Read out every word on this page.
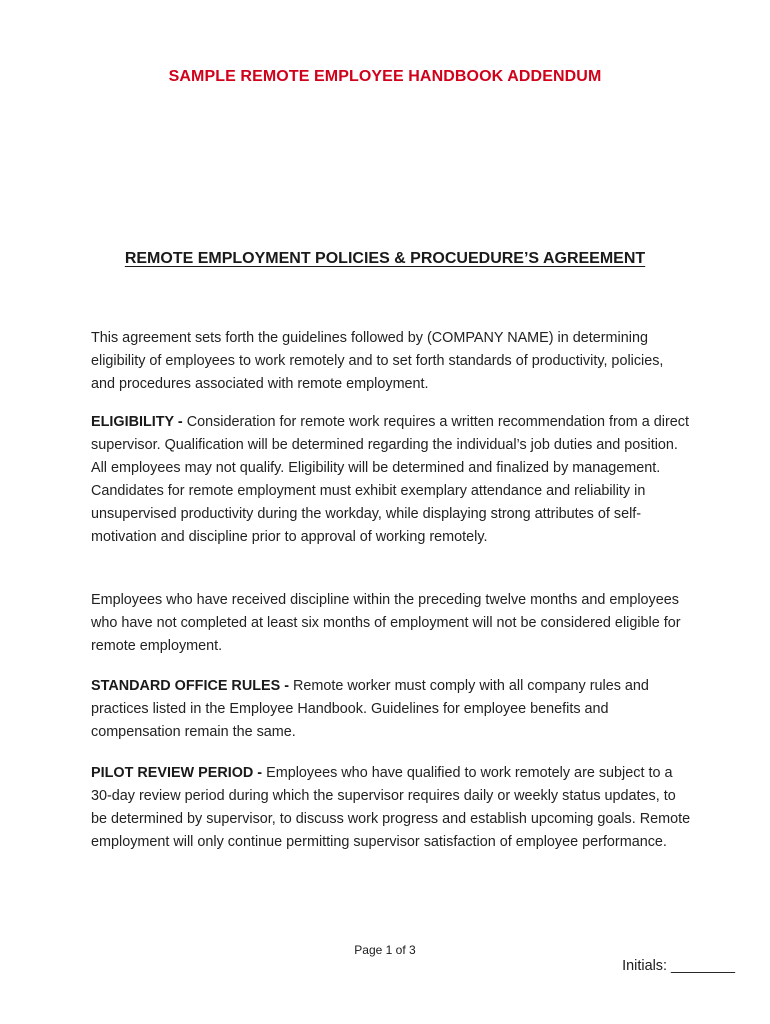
SAMPLE REMOTE EMPLOYEE HANDBOOK ADDENDUM
REMOTE EMPLOYMENT POLICIES & PROCUEDURE’S AGREEMENT

This agreement sets forth the guidelines followed by (COMPANY NAME) in determining eligibility of employees to work remotely and to set forth standards of productivity, policies, and procedures associated with remote employment.

ELIGIBILITY - Consideration for remote work requires a written recommendation from a direct supervisor. Qualification will be determined regarding the individual’s job duties and position. All employees may not qualify. Eligibility will be determined and finalized by management. Candidates for remote employment must exhibit exemplary attendance and reliability in unsupervised productivity during the workday, while displaying strong attributes of self-motivation and discipline prior to approval of working remotely.

Employees who have received discipline within the preceding twelve months and employees who have not completed at least six months of employment will not be considered eligible for remote employment.

STANDARD OFFICE RULES - Remote worker must comply with all company rules and practices listed in the Employee Handbook. Guidelines for employee benefits and compensation remain the same.

PILOT REVIEW PERIOD - Employees who have qualified to work remotely are subject to a 30-day review period during which the supervisor requires daily or weekly status updates, to be determined by supervisor, to discuss work progress and establish upcoming goals. Remote employment will only continue permitting supervisor satisfaction of employee performance.

Page 1 of 3
Initials: ________
